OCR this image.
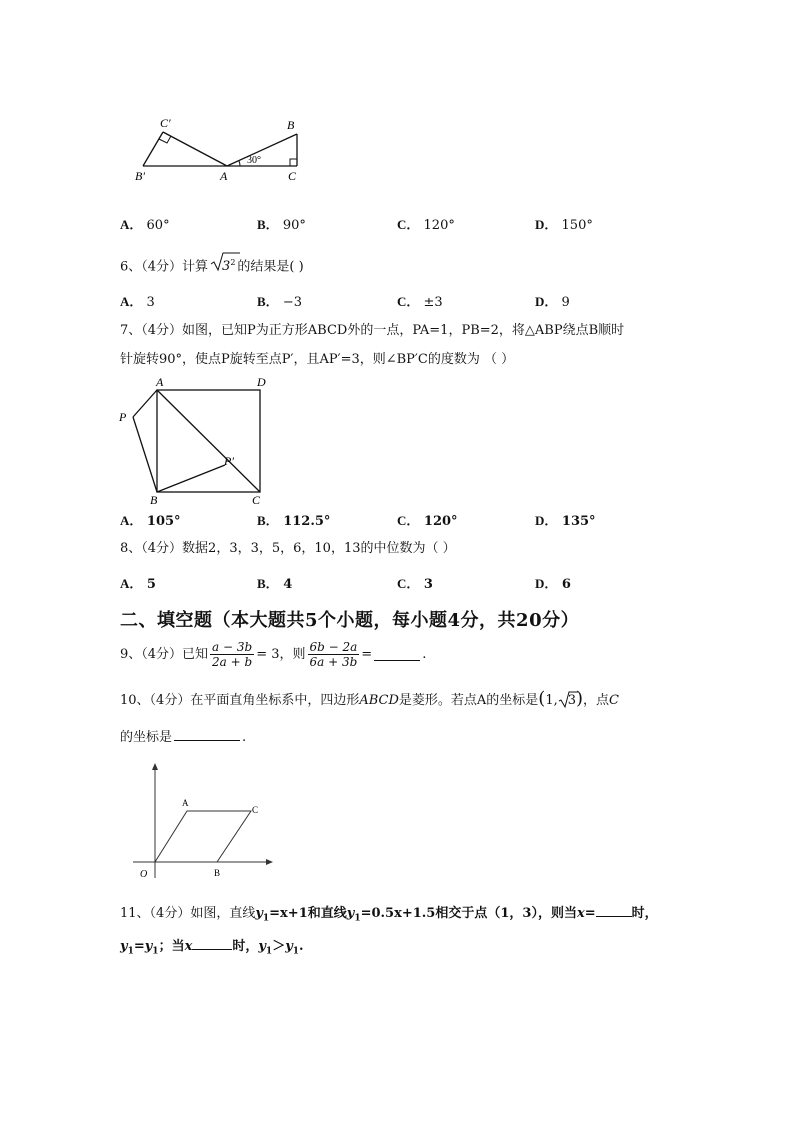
C′	B
B′	A	C
30°
A． 60°	B． 90°	C． 120°	D． 150°
6、（4分）计算 $3^2$ 的结果是( )
A． 3	B． −3	C． ±3	D． 9
7、（4分）如图，已知P为正方形ABCD外的一点，PA=1，PB=2，将△ABP绕点B顺时
针旋转90°，使点P旋转至点P′，且AP′=3，则∠BP′C的度数为 （ ）
A	D
P
P′
B	C
A． 105°	B． 112.5°	C． 120°	D． 135°
8、（4分）数据2，3，3，5，6，10，13的中位数为（ ）
A． 5	B． 4	C． 3	D． 6
二、填空题（本大题共5个小题，每小题4分，共20分）
9、（4分）已知 $\frac{a - 3b}{2a + b} = 3$，则 $\frac{6b - 2a}{6a + 3b}$ =	.
10、（4分）在平面直角坐标系中，四边形ABCD是菱形。若点A的坐标是(1, 3)，点C
的坐标是	.
A
C
O	B
11、（4分）如图，直线$y_1=x+1$和直线$y_1=0.5x+1.5$相交于点（1，3），则当x=	时，
$y_1=y_1$；当x	时，$y_1>y_1$.
